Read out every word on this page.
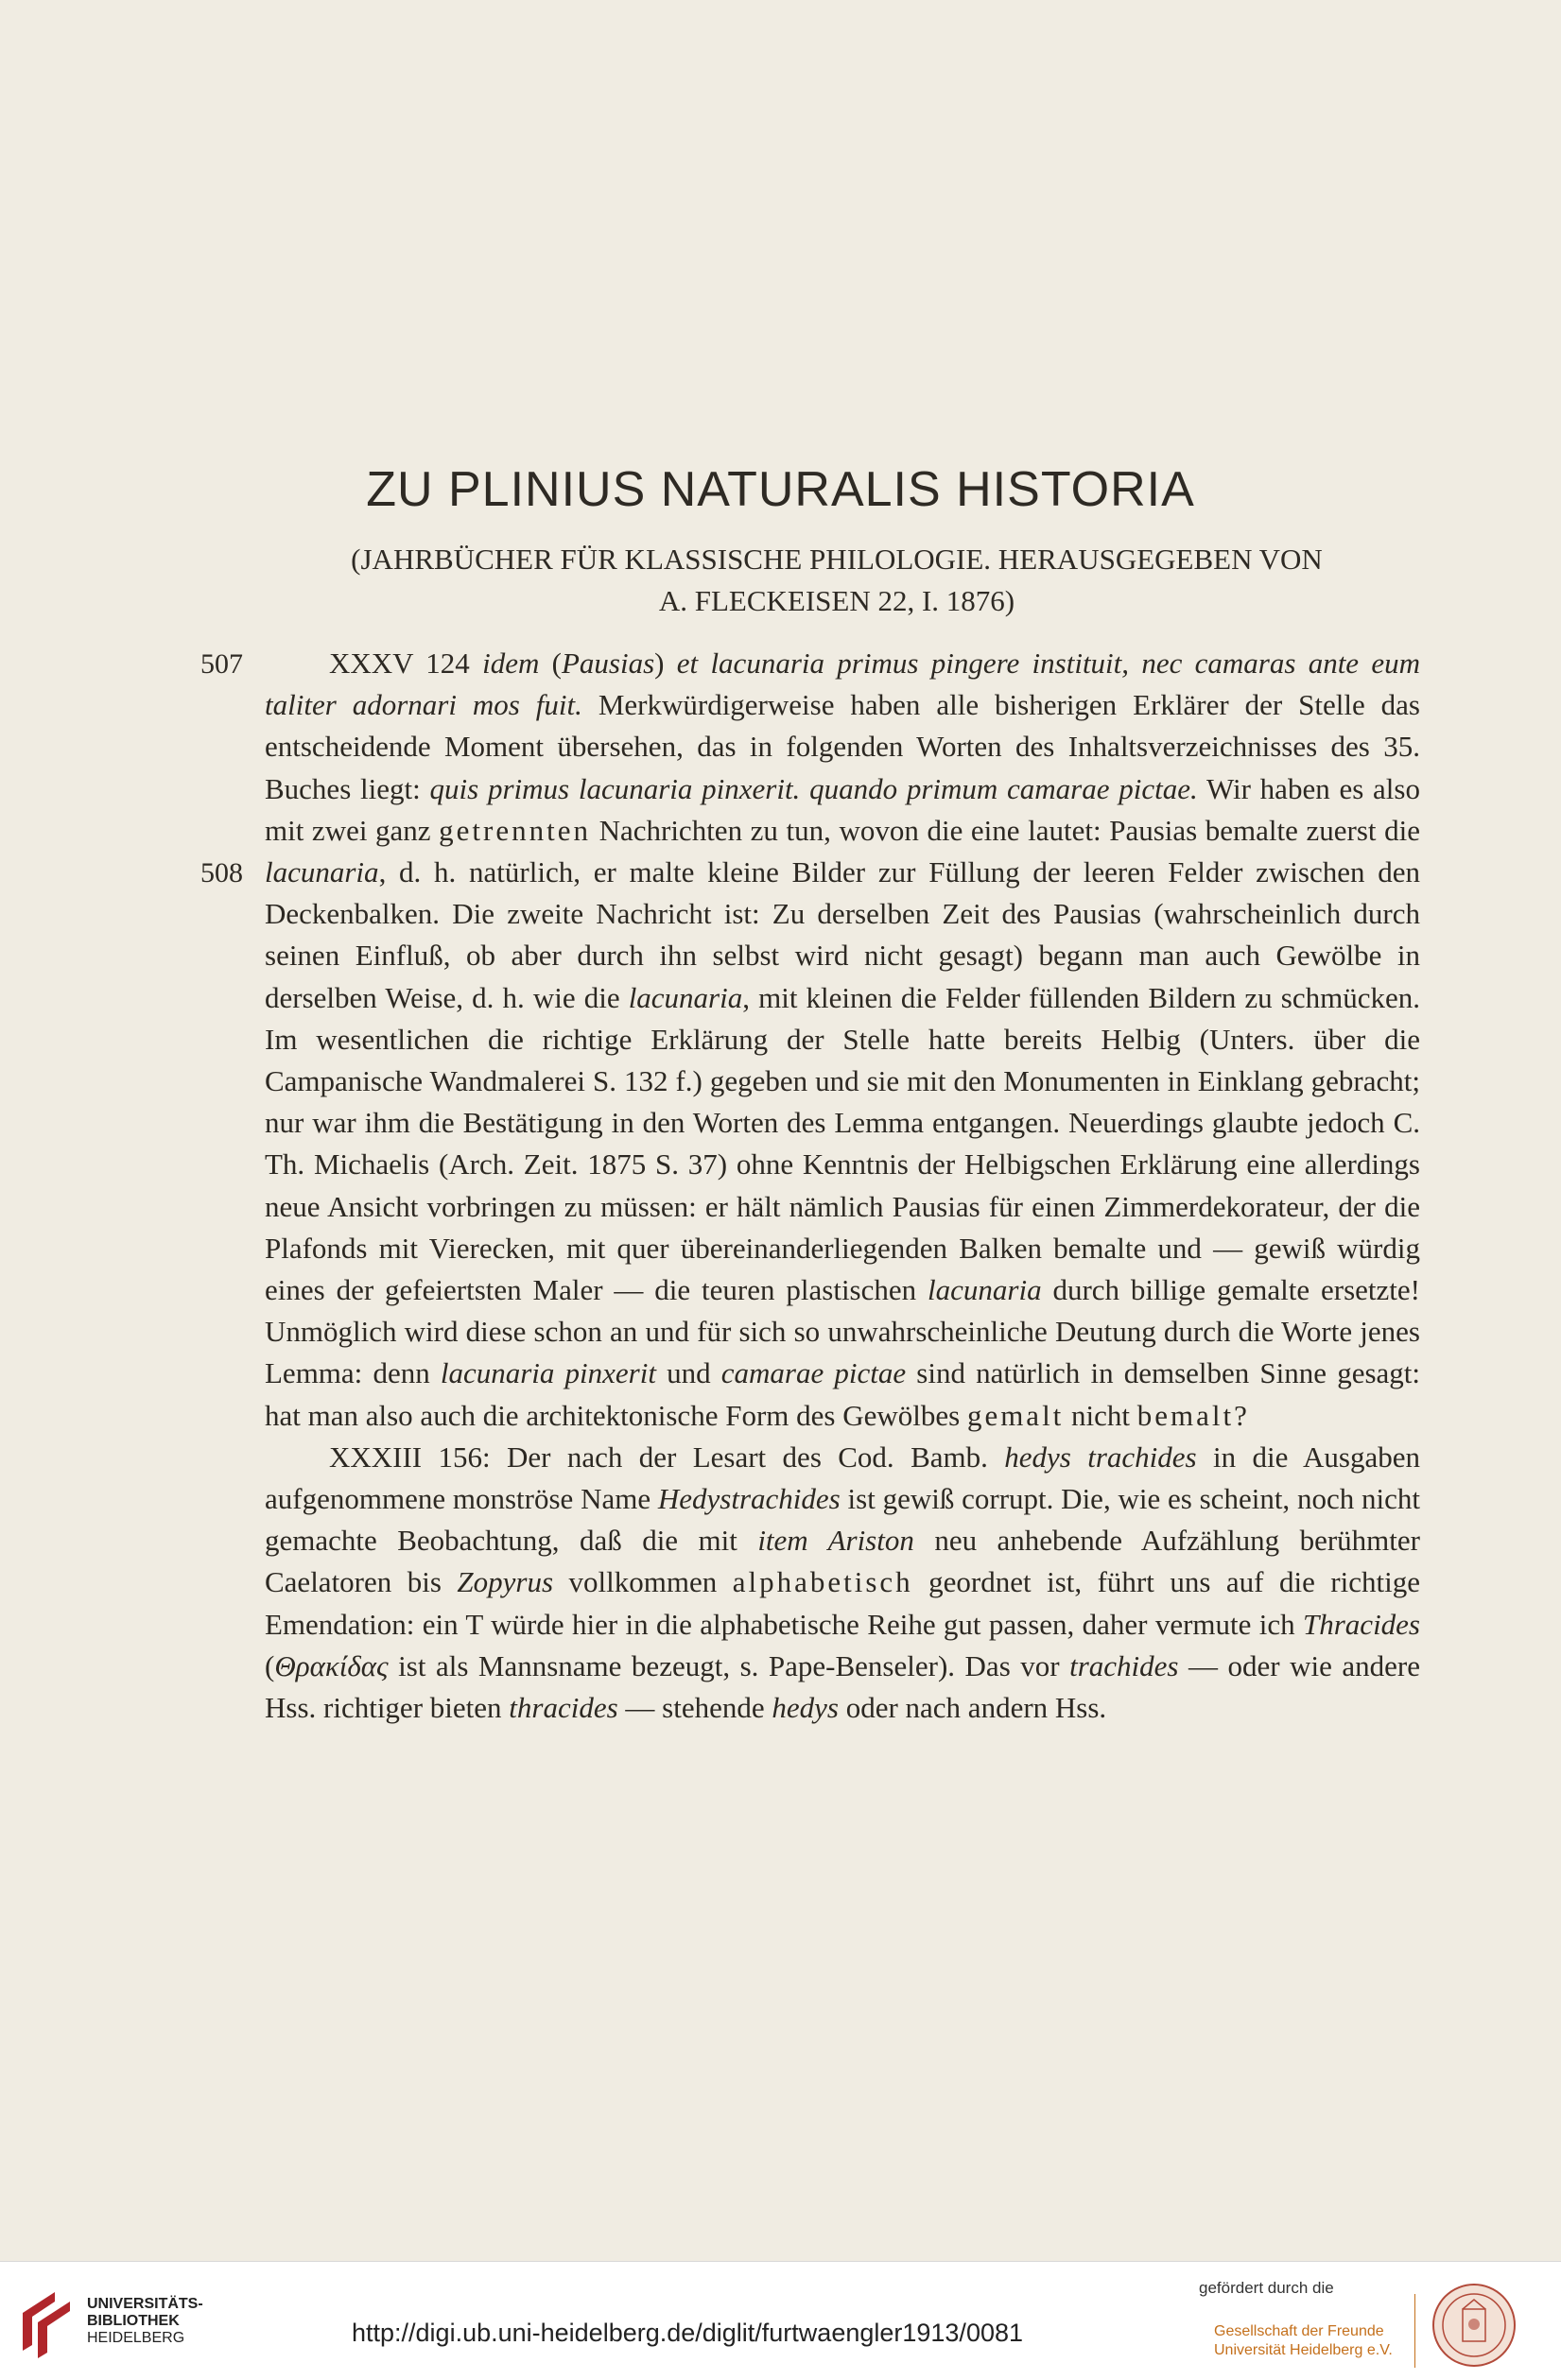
ZU PLINIUS NATURALIS HISTORIA
(JAHRBÜCHER FÜR KLASSISCHE PHILOLOGIE. HERAUSGEGEBEN VON
A. FLECKEISEN 22, I. 1876)
507
508

XXXV 124 idem (Pausias) et lacunaria primus pingere instituit, nec camaras ante eum taliter adornari mos fuit. Merkwürdigerweise haben alle bisherigen Erklärer der Stelle das entscheidende Moment übersehen, das in folgenden Worten des Inhaltsverzeichnisses des 35. Buches liegt: quis primus lacunaria pinxerit. quando primum camarae pictae. Wir haben es also mit zwei ganz getrennten Nachrichten zu tun, wovon die eine lautet: Pausias bemalte zuerst die lacunaria, d. h. natürlich, er malte kleine Bilder zur Füllung der leeren Felder zwischen den Deckenbalken. Die zweite Nachricht ist: Zu derselben Zeit des Pausias (wahrscheinlich durch seinen Einfluß, ob aber durch ihn selbst wird nicht gesagt) begann man auch Gewölbe in derselben Weise, d. h. wie die lacunaria, mit kleinen die Felder füllenden Bildern zu schmücken. Im wesentlichen die richtige Erklärung der Stelle hatte bereits Helbig (Unters. über die Campanische Wandmalerei S. 132 f.) gegeben und sie mit den Monumenten in Einklang gebracht; nur war ihm die Bestätigung in den Worten des Lemma entgangen. Neuerdings glaubte jedoch C. Th. Michaelis (Arch. Zeit. 1875 S. 37) ohne Kenntnis der Helbigschen Erklärung eine allerdings neue Ansicht vorbringen zu müssen: er hält nämlich Pausias für einen Zimmerdekorateur, der die Plafonds mit Vierecken, mit quer übereinanderliegenden Balken bemalte und — gewiß würdig eines der gefeiertsten Maler — die teuren plastischen lacunaria durch billige gemalte ersetzte! Unmöglich wird diese schon an und für sich so unwahrscheinliche Deutung durch die Worte jenes Lemma: denn lacunaria pinxerit und camarae pictae sind natürlich in demselben Sinne gesagt: hat man also auch die architektonische Form des Gewölbes gemalt nicht bemalt?

XXXIII 156: Der nach der Lesart des Cod. Bamb. hedys trachides in die Ausgaben aufgenommene monströse Name Hedystrachides ist gewiß corrupt. Die, wie es scheint, noch nicht gemachte Beobachtung, daß die mit item Ariston neu anhebende Aufzählung berühmter Caelatoren bis Zopyrus vollkommen alphabetisch geordnet ist, führt uns auf die richtige Emendation: ein T würde hier in die alphabetische Reihe gut passen, daher vermute ich Thracides (Θρακίδας ist als Mannsname bezeugt, s. Pape-Benseler). Das vor trachides — oder wie andere Hss. richtiger bieten thracides — stehende hedys oder nach andern Hss.

UNIVERSITÄTS-
BIBLIOTHEK
HEIDELBERG	http://digi.ub.uni-heidelberg.de/diglit/furtwaengler1913/0081
gefördert durch die
Gesellschaft der Freunde
Universität Heidelberg e.V.
